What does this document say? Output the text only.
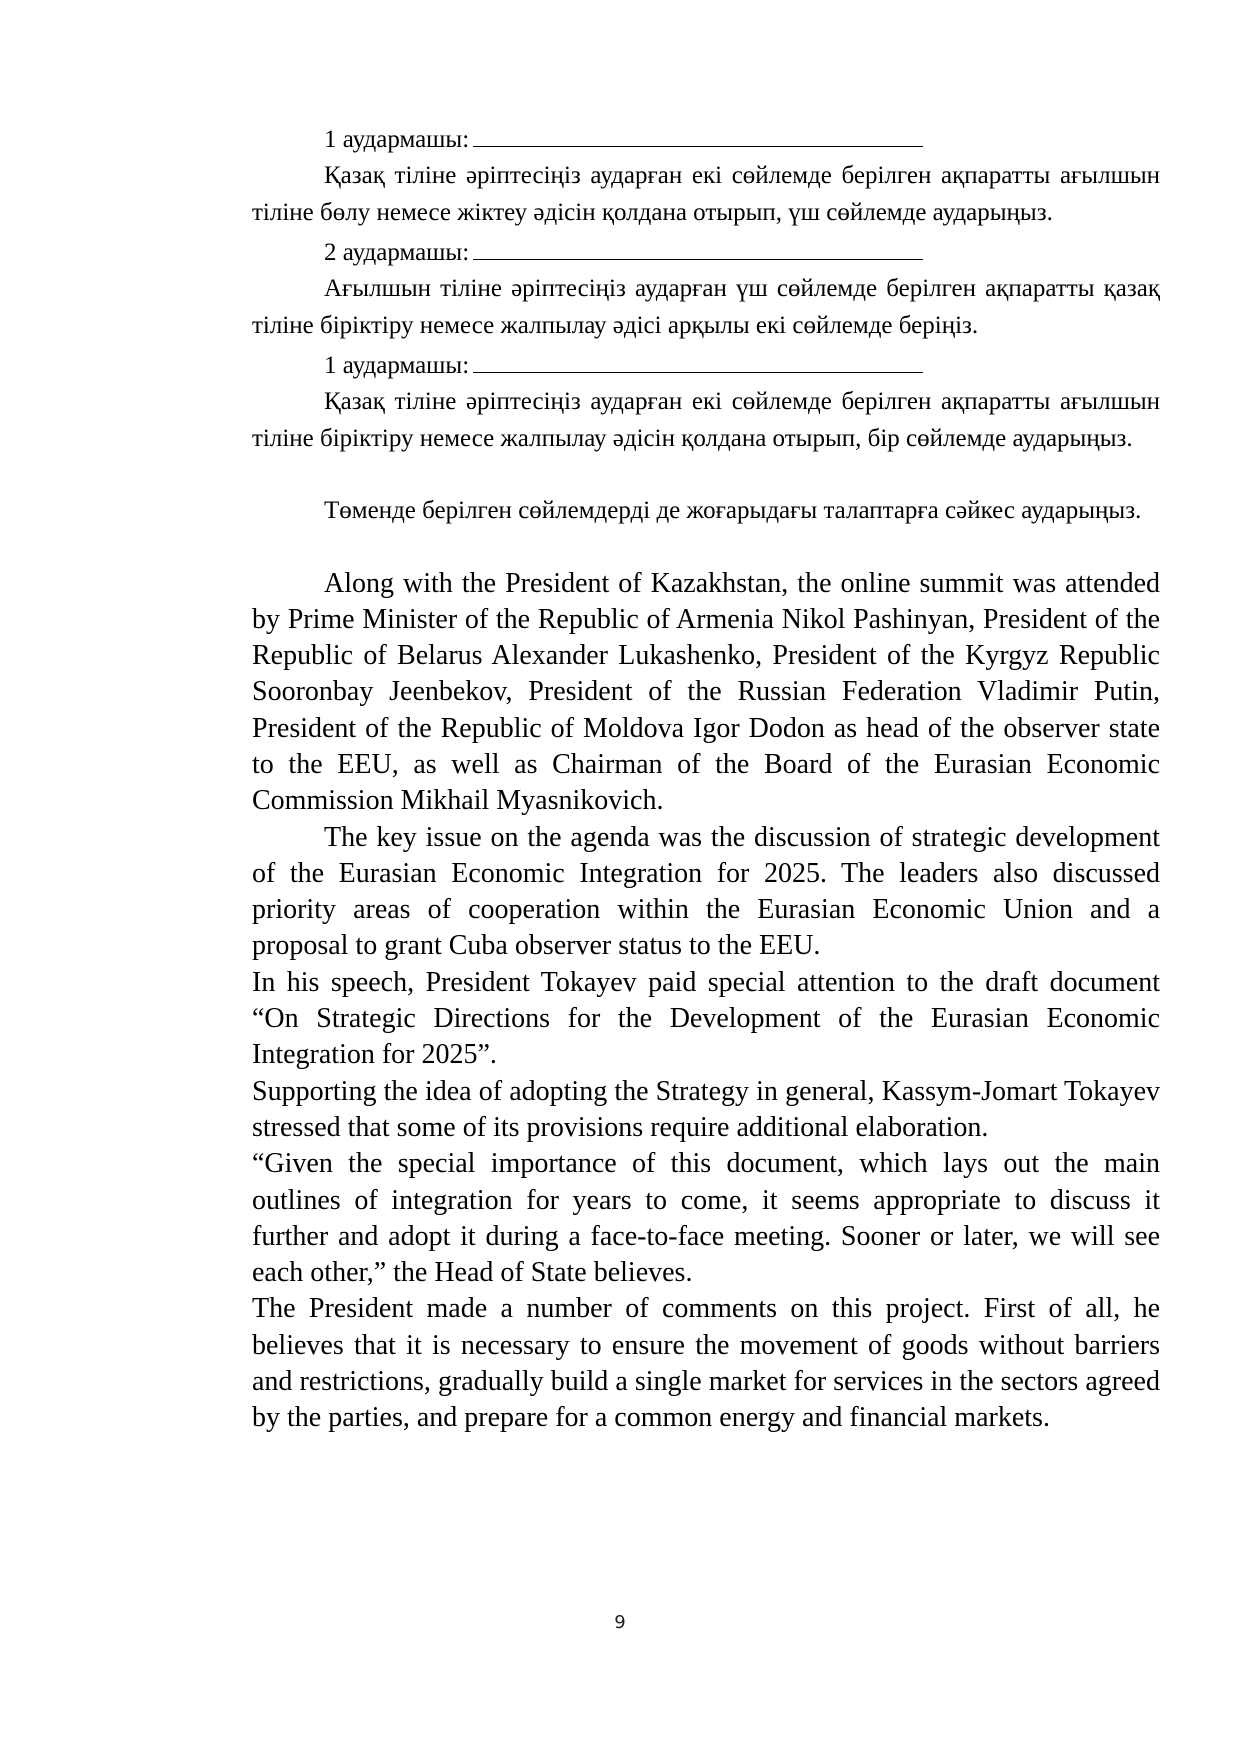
1 аудармашы:

Қазақ тіліне әріптесіңіз аударған екі сөйлемде берілген ақпаратты ағылшын тіліне бөлу немесе жіктеу әдісін қолдана отырып, үш сөйлемде аударыңыз.

2 аудармашы:

Ағылшын тіліне әріптесіңіз аударған үш сөйлемде берілген ақпаратты қазақ тіліне біріктіру немесе жалпылау әдісі арқылы екі сөйлемде беріңіз.

1 аудармашы:

Қазақ тіліне әріптесіңіз аударған екі сөйлемде берілген ақпаратты ағылшын тіліне біріктіру немесе жалпылау әдісін қолдана отырып, бір сөйлемде аударыңыз.

Төменде берілген сөйлемдерді де жоғарыдағы талаптарға сәйкес аударыңыз.

Along with the President of Kazakhstan, the online summit was attended by Prime Minister of the Republic of Armenia Nikol Pashinyan, President of the Republic of Belarus Alexander Lukashenko, President of the Kyrgyz Republic Sooronbay Jeenbekov, President of the Russian Federation Vladimir Putin, President of the Republic of Moldova Igor Dodon as head of the observer state to the EEU, as well as Chairman of the Board of the Eurasian Economic Commission Mikhail Myasnikovich.

The key issue on the agenda was the discussion of strategic development of the Eurasian Economic Integration for 2025. The leaders also discussed priority areas of cooperation within the Eurasian Economic Union and a proposal to grant Cuba observer status to the EEU.

In his speech, President Tokayev paid special attention to the draft document “On Strategic Directions for the Development of the Eurasian Economic Integration for 2025”.

Supporting the idea of adopting the Strategy in general, Kassym-Jomart Tokayev stressed that some of its provisions require additional elaboration.

“Given the special importance of this document, which lays out the main outlines of integration for years to come, it seems appropriate to discuss it further and adopt it during a face-to-face meeting. Sooner or later, we will see each other,” the Head of State believes.

The President made a number of comments on this project. First of all, he believes that it is necessary to ensure the movement of goods without barriers and restrictions, gradually build a single market for services in the sectors agreed by the parties, and prepare for a common energy and financial markets.

9
